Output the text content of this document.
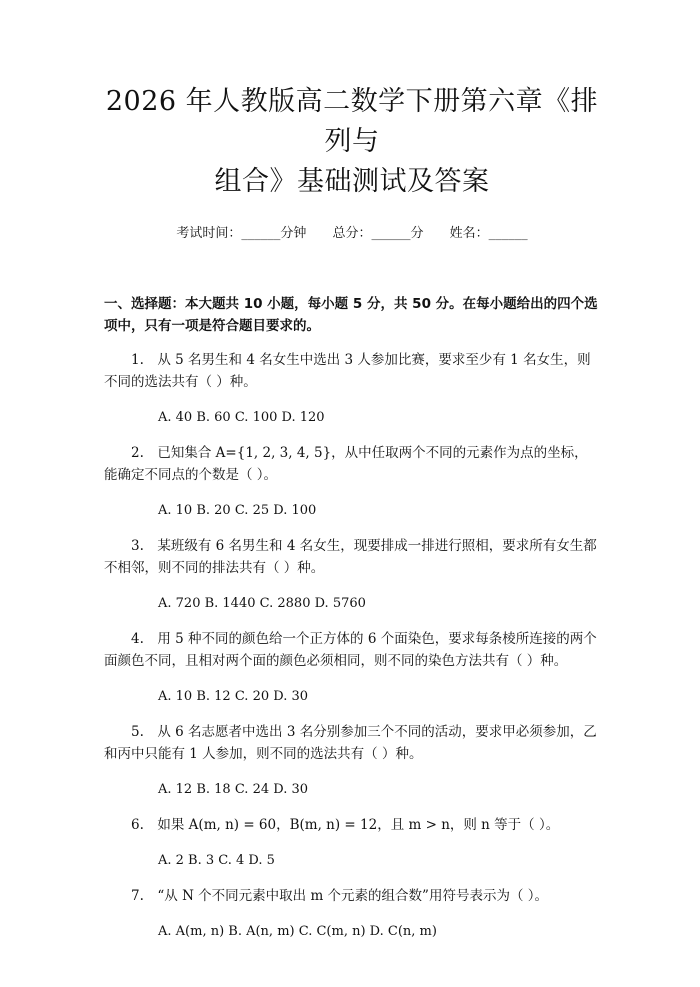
2026 年人教版高二数学下册第六章《排列与
组合》基础测试及答案
考试时间：______分钟 总分：______分 姓名：______
一、选择题：本大题共 10 小题，每小题 5 分，共 50 分。在每小题给出的四个选项中，只有一项是符合题目要求的。
1.　从 5 名男生和 4 名女生中选出 3 人参加比赛，要求至少有 1 名女生，则不同的选法共有（ ）种。
A. 40 B. 60 C. 100 D. 120
2.　已知集合 A={1, 2, 3, 4, 5}，从中任取两个不同的元素作为点的坐标，能确定不同点的个数是（ ）。
A. 10 B. 20 C. 25 D. 100
3.　某班级有 6 名男生和 4 名女生，现要排成一排进行照相，要求所有女生都不相邻，则不同的排法共有（ ）种。
A. 720 B. 1440 C. 2880 D. 5760
4.　用 5 种不同的颜色给一个正方体的 6 个面染色，要求每条棱所连接的两个面颜色不同，且相对两个面的颜色必须相同，则不同的染色方法共有（ ）种。
A. 10 B. 12 C. 20 D. 30
5.　从 6 名志愿者中选出 3 名分别参加三个不同的活动，要求甲必须参加，乙和丙中只能有 1 人参加，则不同的选法共有（ ）种。
A. 12 B. 18 C. 24 D. 30
6.　如果 A(m, n) = 60，B(m, n) = 12，且 m > n，则 n 等于（ ）。
A. 2 B. 3 C. 4 D. 5
7.　“从 N 个不同元素中取出 m 个元素的组合数”用符号表示为（ ）。
A. A(m, n) B. A(n, m) C. C(m, n) D. C(n, m)
